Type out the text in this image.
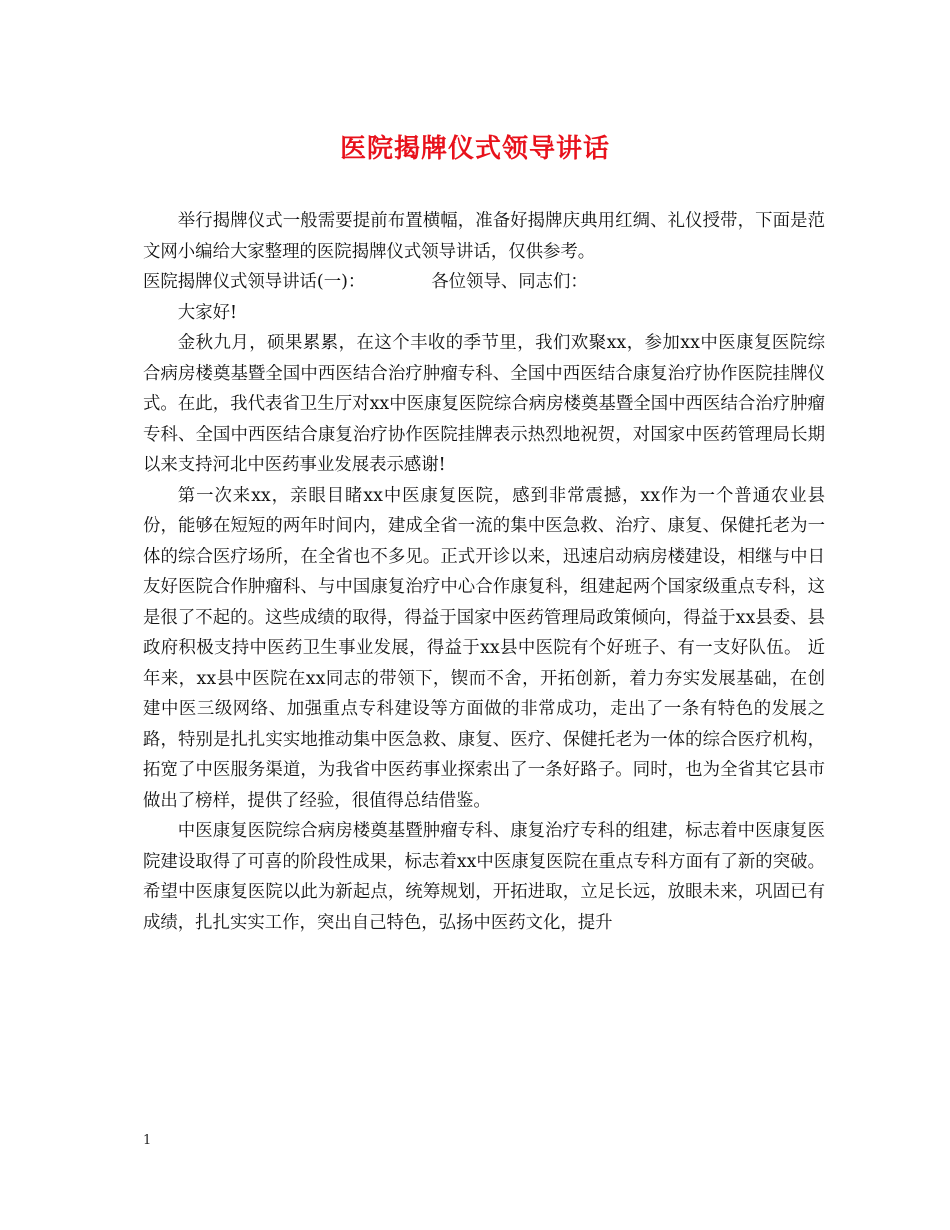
医院揭牌仪式领导讲话

举行揭牌仪式一般需要提前布置横幅，准备好揭牌庆典用红绸、礼仪授带，下面是范文网小编给大家整理的医院揭牌仪式领导讲话，仅供参考。

医院揭牌仪式领导讲话(一)：	各位领导、同志们：

大家好!

金秋九月，硕果累累，在这个丰收的季节里，我们欢聚xx，参加xx中医康复医院综合病房楼奠基暨全国中西医结合治疗肿瘤专科、全国中西医结合康复治疗协作医院挂牌仪式。在此，我代表省卫生厅对xx中医康复医院综合病房楼奠基暨全国中西医结合治疗肿瘤专科、全国中西医结合康复治疗协作医院挂牌表示热烈地祝贺，对国家中医药管理局长期以来支持河北中医药事业发展表示感谢!

第一次来xx，亲眼目睹xx中医康复医院，感到非常震撼，xx作为一个普通农业县份，能够在短短的两年时间内，建成全省一流的集中医急救、治疗、康复、保健托老为一体的综合医疗场所，在全省也不多见。正式开诊以来，迅速启动病房楼建设，相继与中日友好医院合作肿瘤科、与中国康复治疗中心合作康复科，组建起两个国家级重点专科，这是很了不起的。这些成绩的取得，得益于国家中医药管理局政策倾向，得益于xx县委、县政府积极支持中医药卫生事业发展，得益于xx县中医院有个好班子、有一支好队伍。 近年来，xx县中医院在xx同志的带领下，锲而不舍，开拓创新，着力夯实发展基础，在创建中医三级网络、加强重点专科建设等方面做的非常成功，走出了一条有特色的发展之路，特别是扎扎实实地推动集中医急救、康复、医疗、保健托老为一体的综合医疗机构，拓宽了中医服务渠道，为我省中医药事业探索出了一条好路子。同时，也为全省其它县市做出了榜样，提供了经验，很值得总结借鉴。

中医康复医院综合病房楼奠基暨肿瘤专科、康复治疗专科的组建，标志着中医康复医院建设取得了可喜的阶段性成果，标志着xx中医康复医院在重点专科方面有了新的突破。希望中医康复医院以此为新起点，统筹规划，开拓进取，立足长远，放眼未来，巩固已有成绩，扎扎实实工作，突出自己特色，弘扬中医药文化，提升

1
